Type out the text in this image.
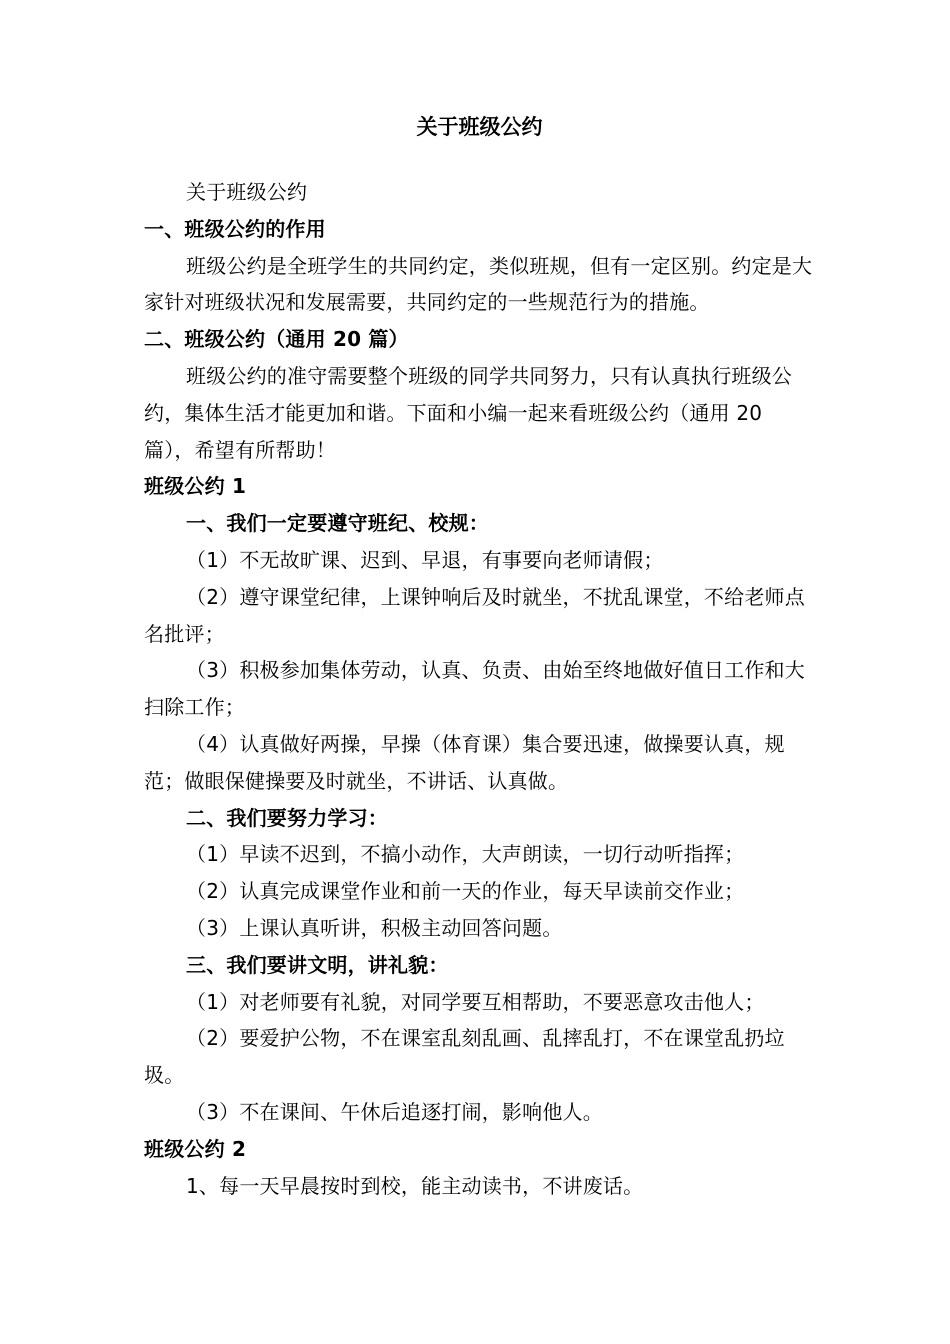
关于班级公约

关于班级公约

一、班级公约的作用

班级公约是全班学生的共同约定，类似班规，但有一定区别。约定是大家针对班级状况和发展需要，共同约定的一些规范行为的措施。

二、班级公约（通用 20 篇）

班级公约的准守需要整个班级的同学共同努力，只有认真执行班级公约，集体生活才能更加和谐。下面和小编一起来看班级公约（通用 20 篇），希望有所帮助！

班级公约 1

一、我们一定要遵守班纪、校规：

（1）不无故旷课、迟到、早退，有事要向老师请假；

（2）遵守课堂纪律，上课钟响后及时就坐，不扰乱课堂，不给老师点名批评；

（3）积极参加集体劳动，认真、负责、由始至终地做好值日工作和大扫除工作；

（4）认真做好两操，早操（体育课）集合要迅速，做操要认真，规范；做眼保健操要及时就坐，不讲话、认真做。

二、我们要努力学习：

（1）早读不迟到，不搞小动作，大声朗读，一切行动听指挥；

（2）认真完成课堂作业和前一天的作业，每天早读前交作业；

（3）上课认真听讲，积极主动回答问题。

三、我们要讲文明，讲礼貌：

（1）对老师要有礼貌，对同学要互相帮助，不要恶意攻击他人；

（2）要爱护公物，不在课室乱刻乱画、乱摔乱打，不在课堂乱扔垃圾。

（3）不在课间、午休后追逐打闹，影响他人。

班级公约 2

1、每一天早晨按时到校，能主动读书，不讲废话。
